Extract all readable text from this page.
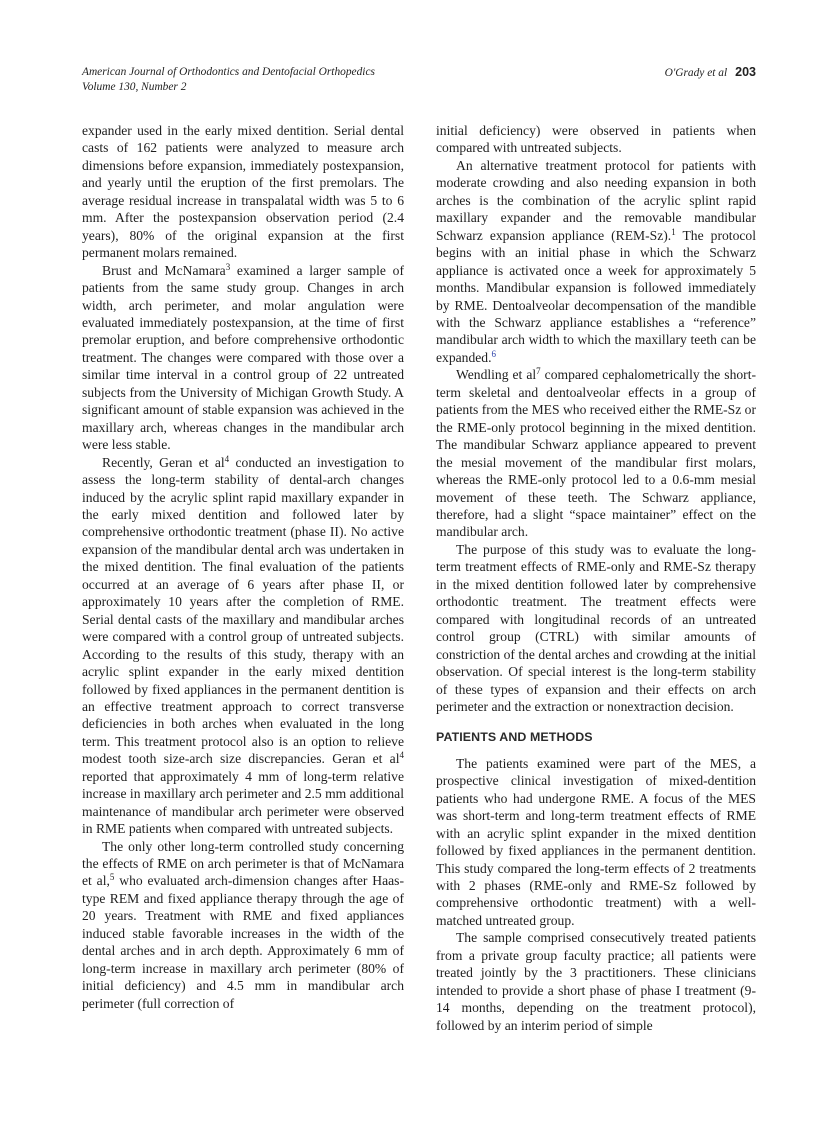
American Journal of Orthodontics and Dentofacial Orthopedics
Volume 130, Number 2
O'Grady et al 203

expander used in the early mixed dentition. Serial dental casts of 162 patients were analyzed to measure arch dimensions before expansion, immediately postexpansion, and yearly until the eruption of the first premolars. The average residual increase in transpalatal width was 5 to 6 mm. After the postexpansion observation period (2.4 years), 80% of the original expansion at the first permanent molars remained.

Brust and McNamara$^3$ examined a larger sample of patients from the same study group. Changes in arch width, arch perimeter, and molar angulation were evaluated immediately postexpansion, at the time of first premolar eruption, and before comprehensive orthodontic treatment. The changes were compared with those over a similar time interval in a control group of 22 untreated subjects from the University of Michigan Growth Study. A significant amount of stable expansion was achieved in the maxillary arch, whereas changes in the mandibular arch were less stable.

Recently, Geran et $al^4$ conducted an investigation to assess the long-term stability of dental-arch changes induced by the acrylic splint rapid maxillary expander in the early mixed dentition and followed later by comprehensive orthodontic treatment (phase II). No active expansion of the mandibular dental arch was undertaken in the mixed dentition. The final evaluation of the patients occurred at an average of 6 years after phase II, or approximately 10 years after the completion of RME. Serial dental casts of the maxillary and mandibular arches were compared with a control group of untreated subjects. According to the results of this study, therapy with an acrylic splint expander in the early mixed dentition followed by fixed appliances in the permanent dentition is an effective treatment approach to correct transverse deficiencies in both arches when evaluated in the long term. This treatment protocol also is an option to relieve modest tooth size-arch size discrepancies. Geran et $al^4$ reported that approximately 4 mm of long-term relative increase in maxillary arch perimeter and 2.5 mm additional maintenance of mandibular arch perimeter were observed in RME patients when compared with untreated subjects.

The only other long-term controlled study concerning the effects of RME on arch perimeter is that of McNamara et al,$^5$ who evaluated arch-dimension changes after Haas-type REM and fixed appliance therapy through the age of 20 years. Treatment with RME and fixed appliances induced stable favorable increases in the width of the dental arches and in arch depth. Approximately 6 mm of long-term increase in maxillary arch perimeter (80% of initial deficiency) and 4.5 mm in mandibular arch perimeter (full correction of

initial deficiency) were observed in patients when compared with untreated subjects.

An alternative treatment protocol for patients with moderate crowding and also needing expansion in both arches is the combination of the acrylic splint rapid maxillary expander and the removable mandibular Schwarz expansion appliance (REM-Sz).$^1$ The protocol begins with an initial phase in which the Schwarz appliance is activated once a week for approximately 5 months. Mandibular expansion is followed immediately by RME. Dentoalveolar decompensation of the mandible with the Schwarz appliance establishes a “reference” mandibular arch width to which the maxillary teeth can be expanded.$^6$

Wendling et $al^7$ compared cephalometrically the short-term skeletal and dentoalveolar effects in a group of patients from the MES who received either the RME-Sz or the RME-only protocol beginning in the mixed dentition. The mandibular Schwarz appliance appeared to prevent the mesial movement of the mandibular first molars, whereas the RME-only protocol led to a 0.6-mm mesial movement of these teeth. The Schwarz appliance, therefore, had a slight “space maintainer” effect on the mandibular arch.

The purpose of this study was to evaluate the long-term treatment effects of RME-only and RME-Sz therapy in the mixed dentition followed later by comprehensive orthodontic treatment. The treatment effects were compared with longitudinal records of an untreated control group (CTRL) with similar amounts of constriction of the dental arches and crowding at the initial observation. Of special interest is the long-term stability of these types of expansion and their effects on arch perimeter and the extraction or nonextraction decision.

PATIENTS AND METHODS

The patients examined were part of the MES, a prospective clinical investigation of mixed-dentition patients who had undergone RME. A focus of the MES was short-term and long-term treatment effects of RME with an acrylic splint expander in the mixed dentition followed by fixed appliances in the permanent dentition. This study compared the long-term effects of 2 treatments with 2 phases (RME-only and RME-Sz followed by comprehensive orthodontic treatment) with a well-matched untreated group.

The sample comprised consecutively treated patients from a private group faculty practice; all patients were treated jointly by the 3 practitioners. These clinicians intended to provide a short phase of phase I treatment (9-14 months, depending on the treatment protocol), followed by an interim period of simple
